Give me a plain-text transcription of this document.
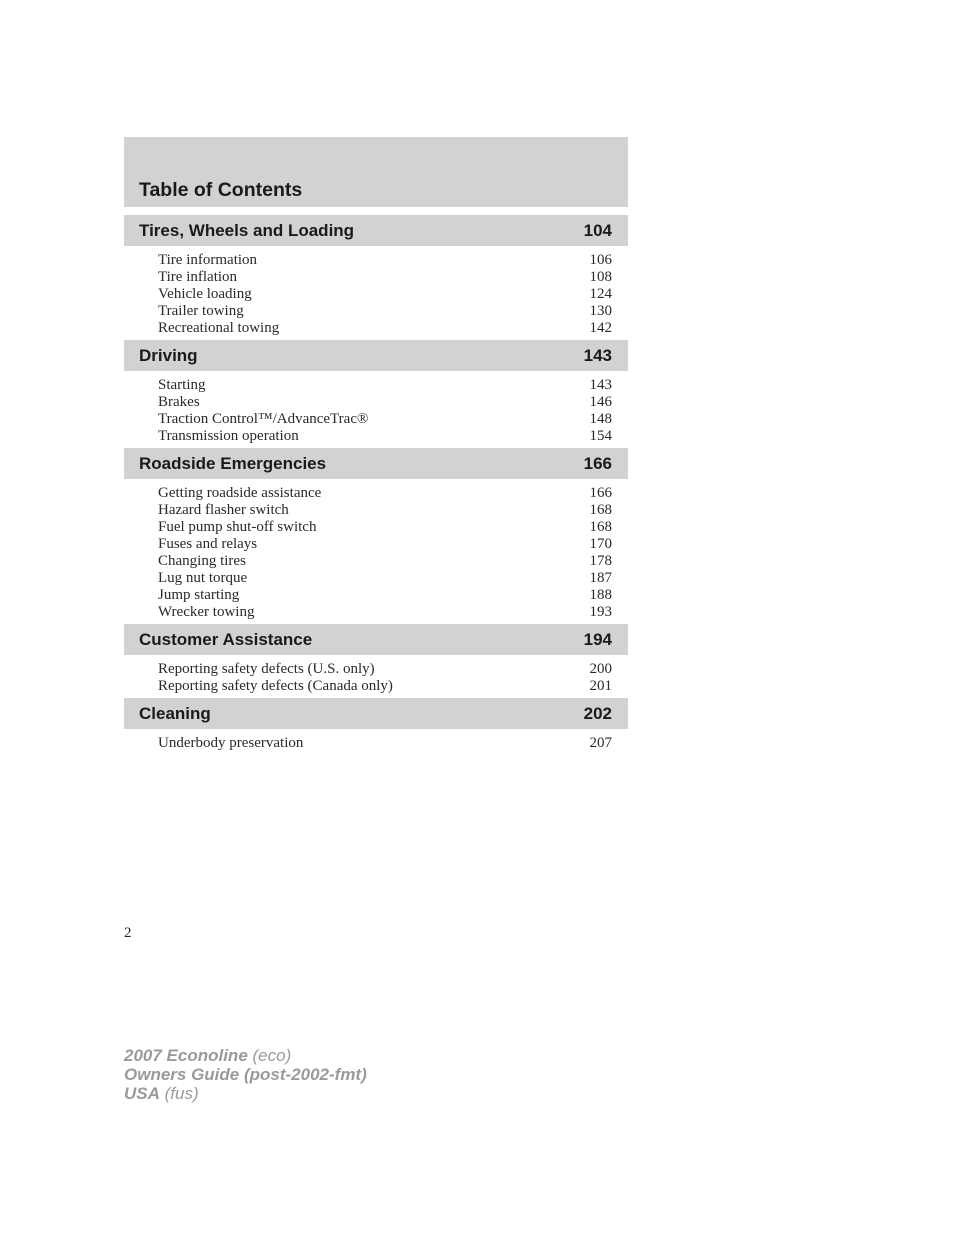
Table of Contents
Tires, Wheels and Loading	104
Tire information	106
Tire inflation	108
Vehicle loading	124
Trailer towing	130
Recreational towing	142
Driving	143
Starting	143
Brakes	146
Traction Control™/AdvanceTrac®	148
Transmission operation	154
Roadside Emergencies	166
Getting roadside assistance	166
Hazard flasher switch	168
Fuel pump shut-off switch	168
Fuses and relays	170
Changing tires	178
Lug nut torque	187
Jump starting	188
Wrecker towing	193
Customer Assistance	194
Reporting safety defects (U.S. only)	200
Reporting safety defects (Canada only)	201
Cleaning	202
Underbody preservation	207
2
2007 Econoline (eco)
Owners Guide (post-2002-fmt)
USA (fus)
